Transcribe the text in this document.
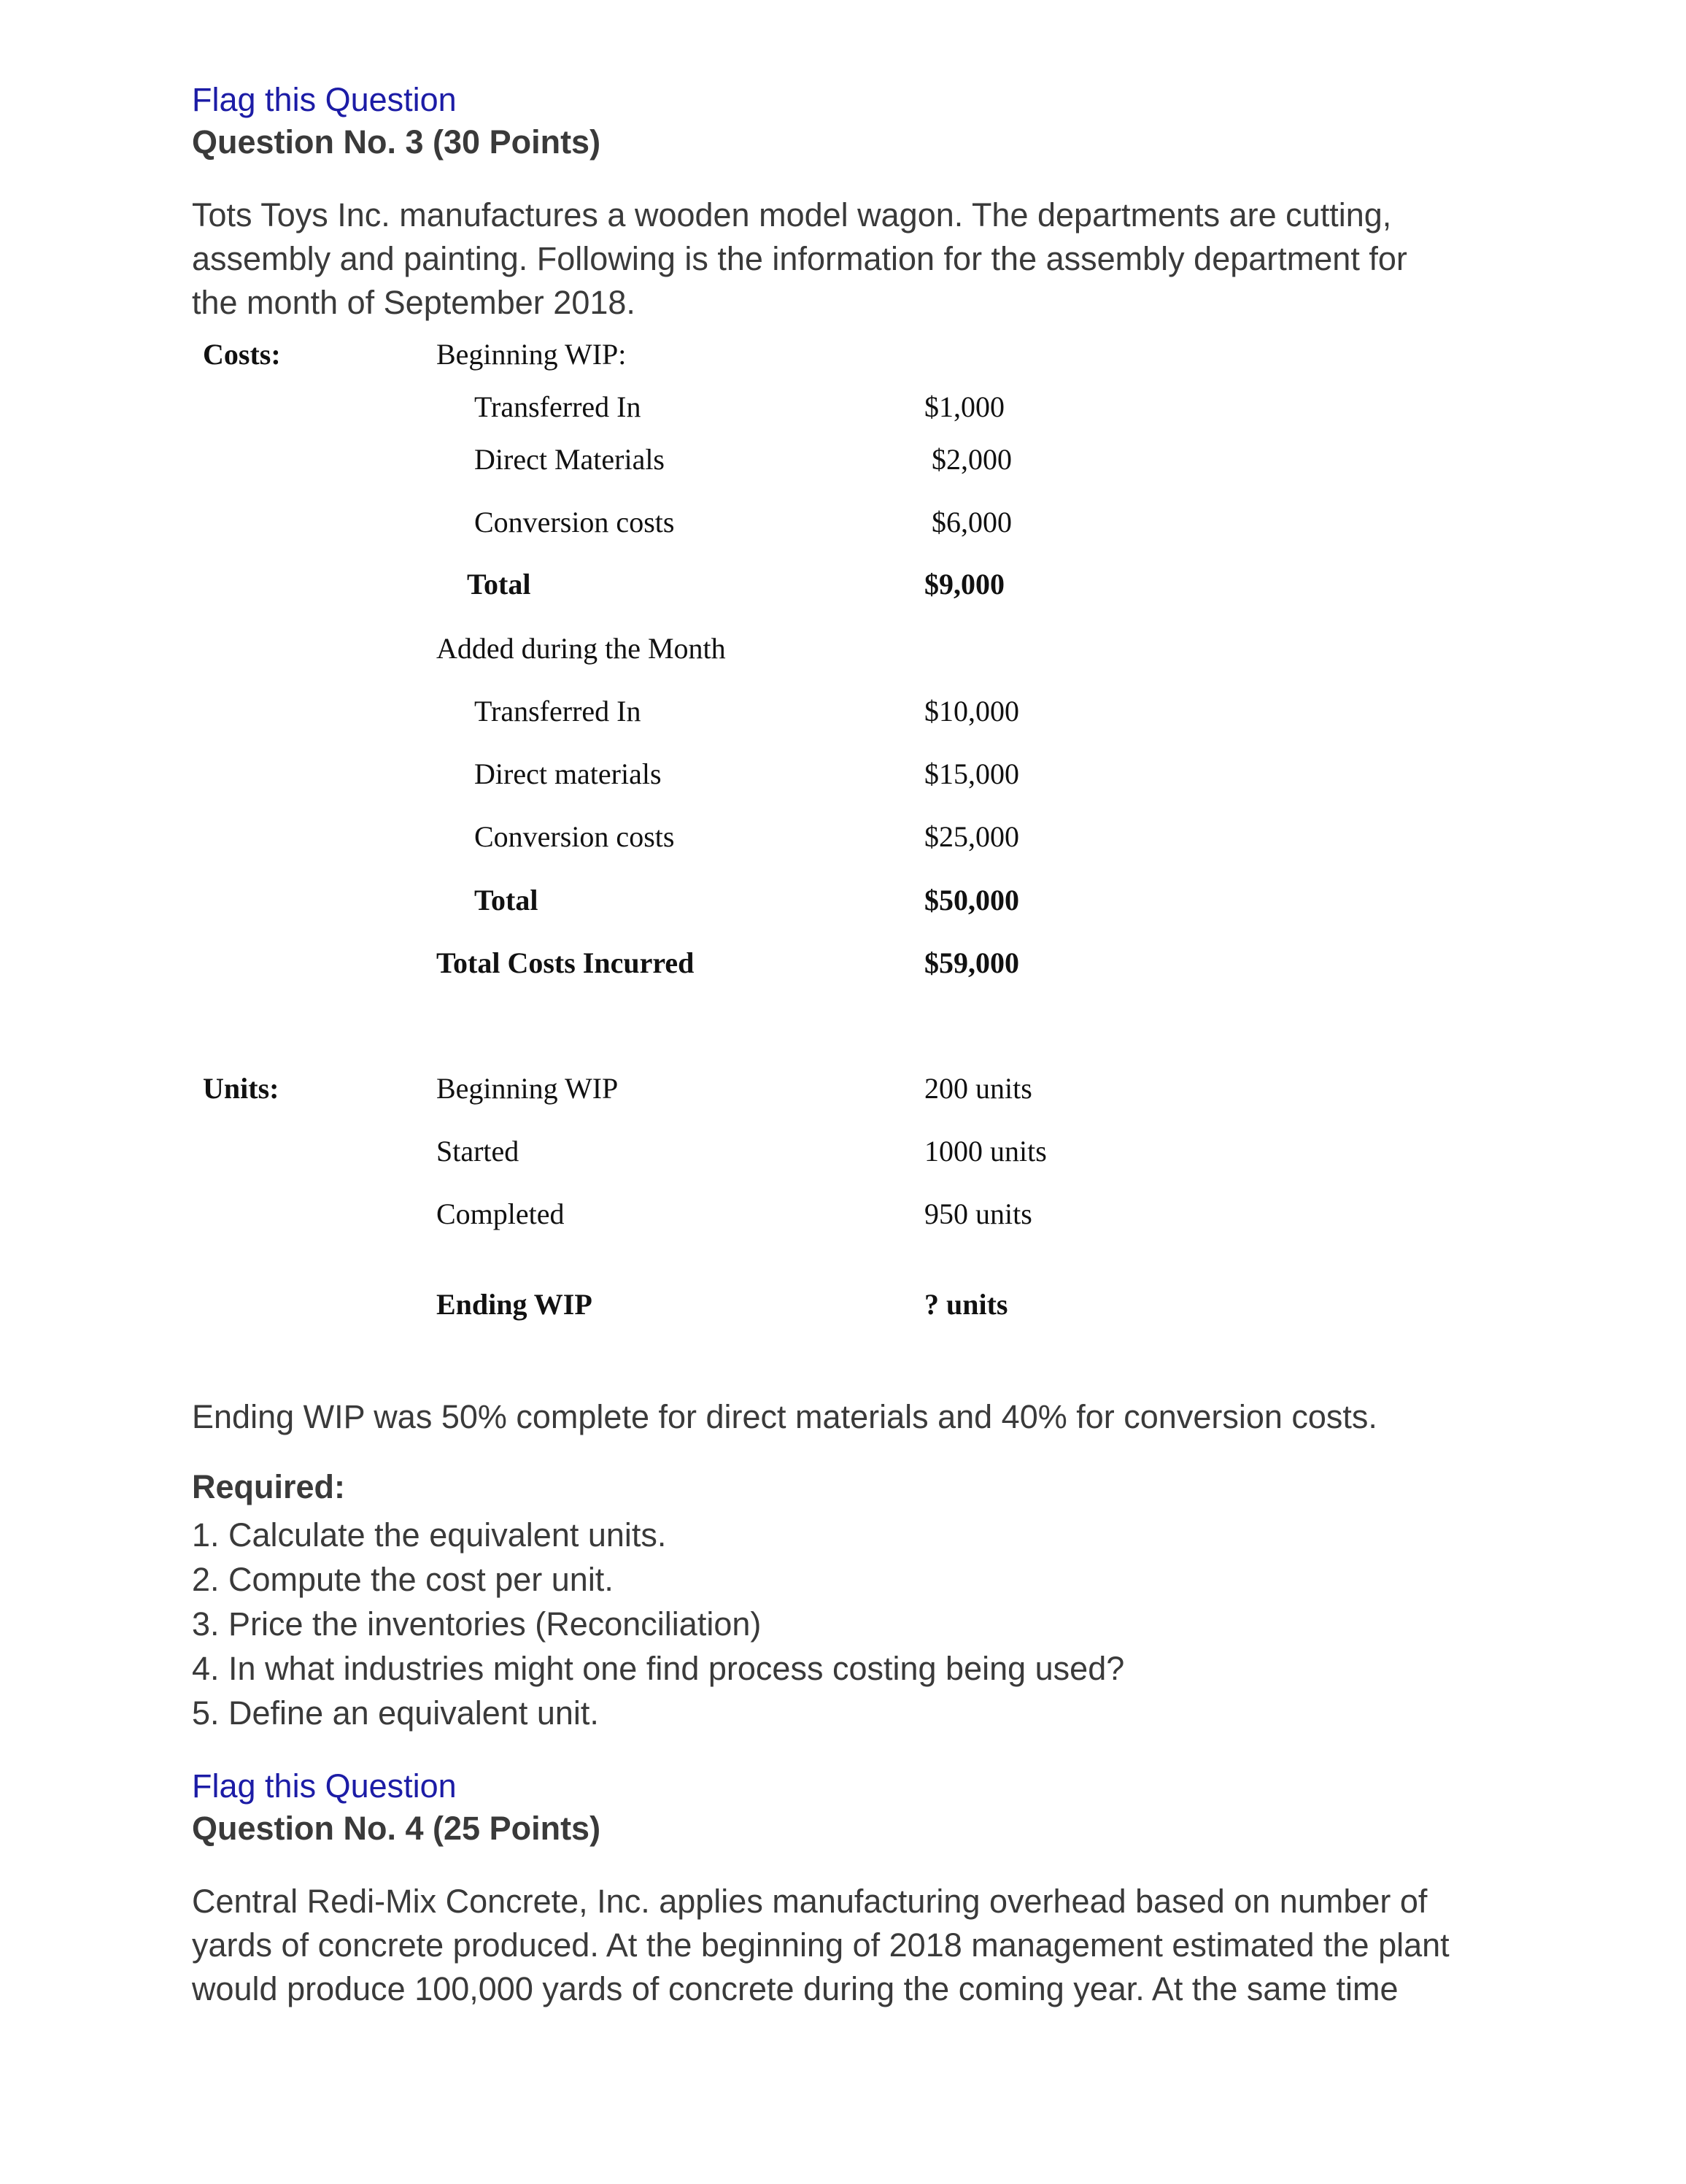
Flag this Question
Question No. 3 (30 Points)
Tots Toys Inc. manufactures a wooden model wagon. The departments are cutting,
assembly and painting. Following is the information for the assembly department for
the month of September 2018.
Costs:	Beginning WIP:
Transferred In	$1,000
Direct Materials	$2,000
Conversion costs	$6,000
Total	$9,000
Added during the Month
Transferred In	$10,000
Direct materials	$15,000
Conversion costs	$25,000
Total	$50,000
Total Costs Incurred	$59,000
Units:	Beginning WIP	200 units
Started	1000 units
Completed	950 units
Ending WIP	? units
Ending WIP was 50% complete for direct materials and 40% for conversion costs.
Required:
1. Calculate the equivalent units.
2. Compute the cost per unit.
3. Price the inventories (Reconciliation)
4. In what industries might one find process costing being used?
5. Define an equivalent unit.
Flag this Question
Question No. 4 (25 Points)
Central Redi-Mix Concrete, Inc. applies manufacturing overhead based on number of
yards of concrete produced. At the beginning of 2018 management estimated the plant
would produce 100,000 yards of concrete during the coming year. At the same time
